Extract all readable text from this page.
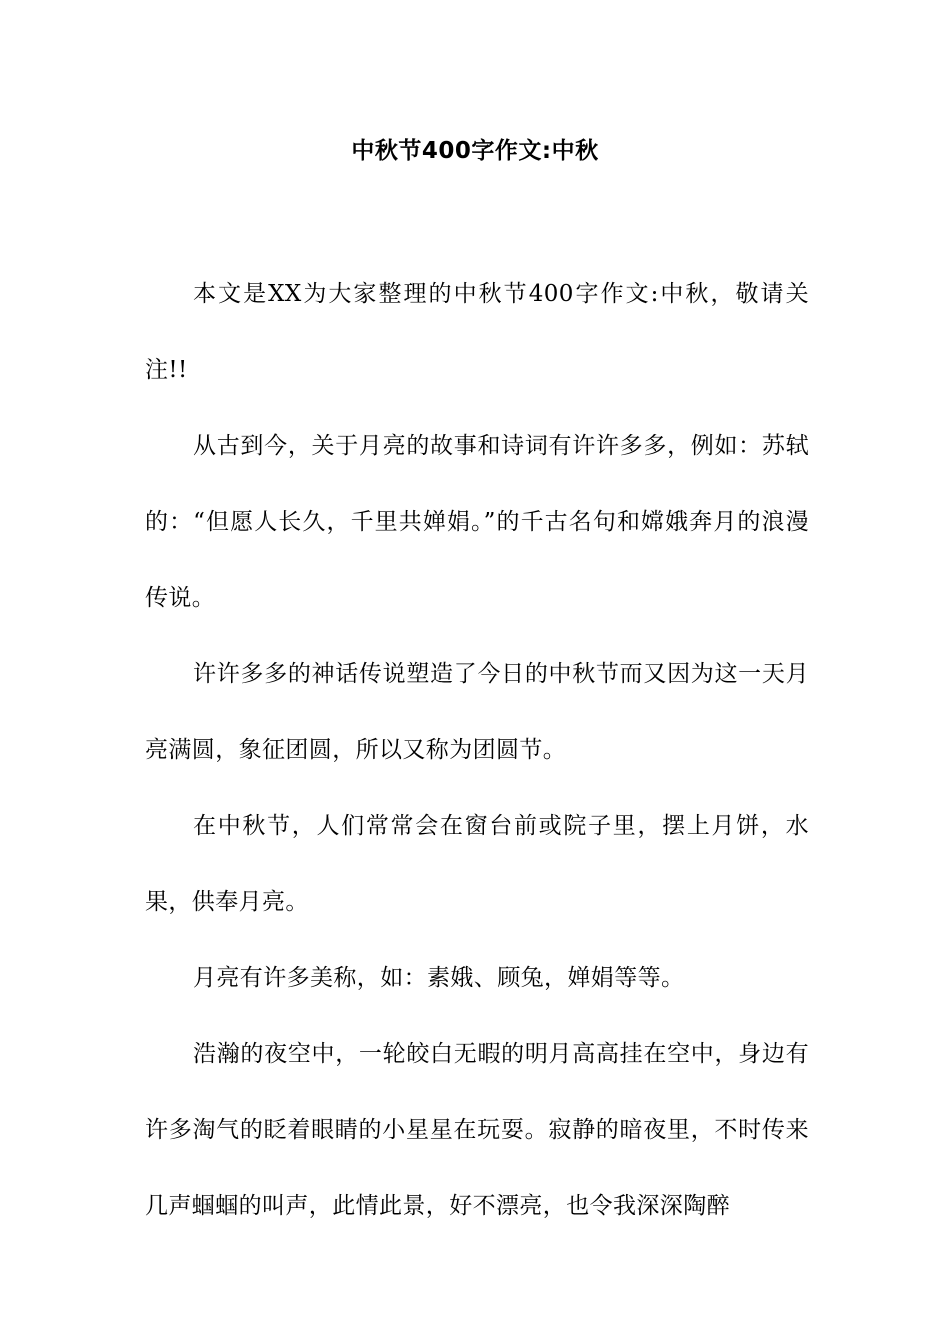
中秋节400字作文:中秋

本文是XX为大家整理的中秋节400字作文:中秋，敬请关注!!

从古到今，关于月亮的故事和诗词有许许多多，例如：苏轼的：“但愿人长久，千里共婵娟。”的千古名句和嫦娥奔月的浪漫传说。

许许多多的神话传说塑造了今日的中秋节而又因为这一天月亮满圆，象征团圆，所以又称为团圆节。

在中秋节，人们常常会在窗台前或院子里，摆上月饼，水果，供奉月亮。

月亮有许多美称，如：素娥、顾兔，婵娟等等。

浩瀚的夜空中，一轮皎白无暇的明月高高挂在空中，身边有许多淘气的眨着眼睛的小星星在玩耍。寂静的暗夜里，不时传来几声蝈蝈的叫声，此情此景，好不漂亮，也令我深深陶醉
